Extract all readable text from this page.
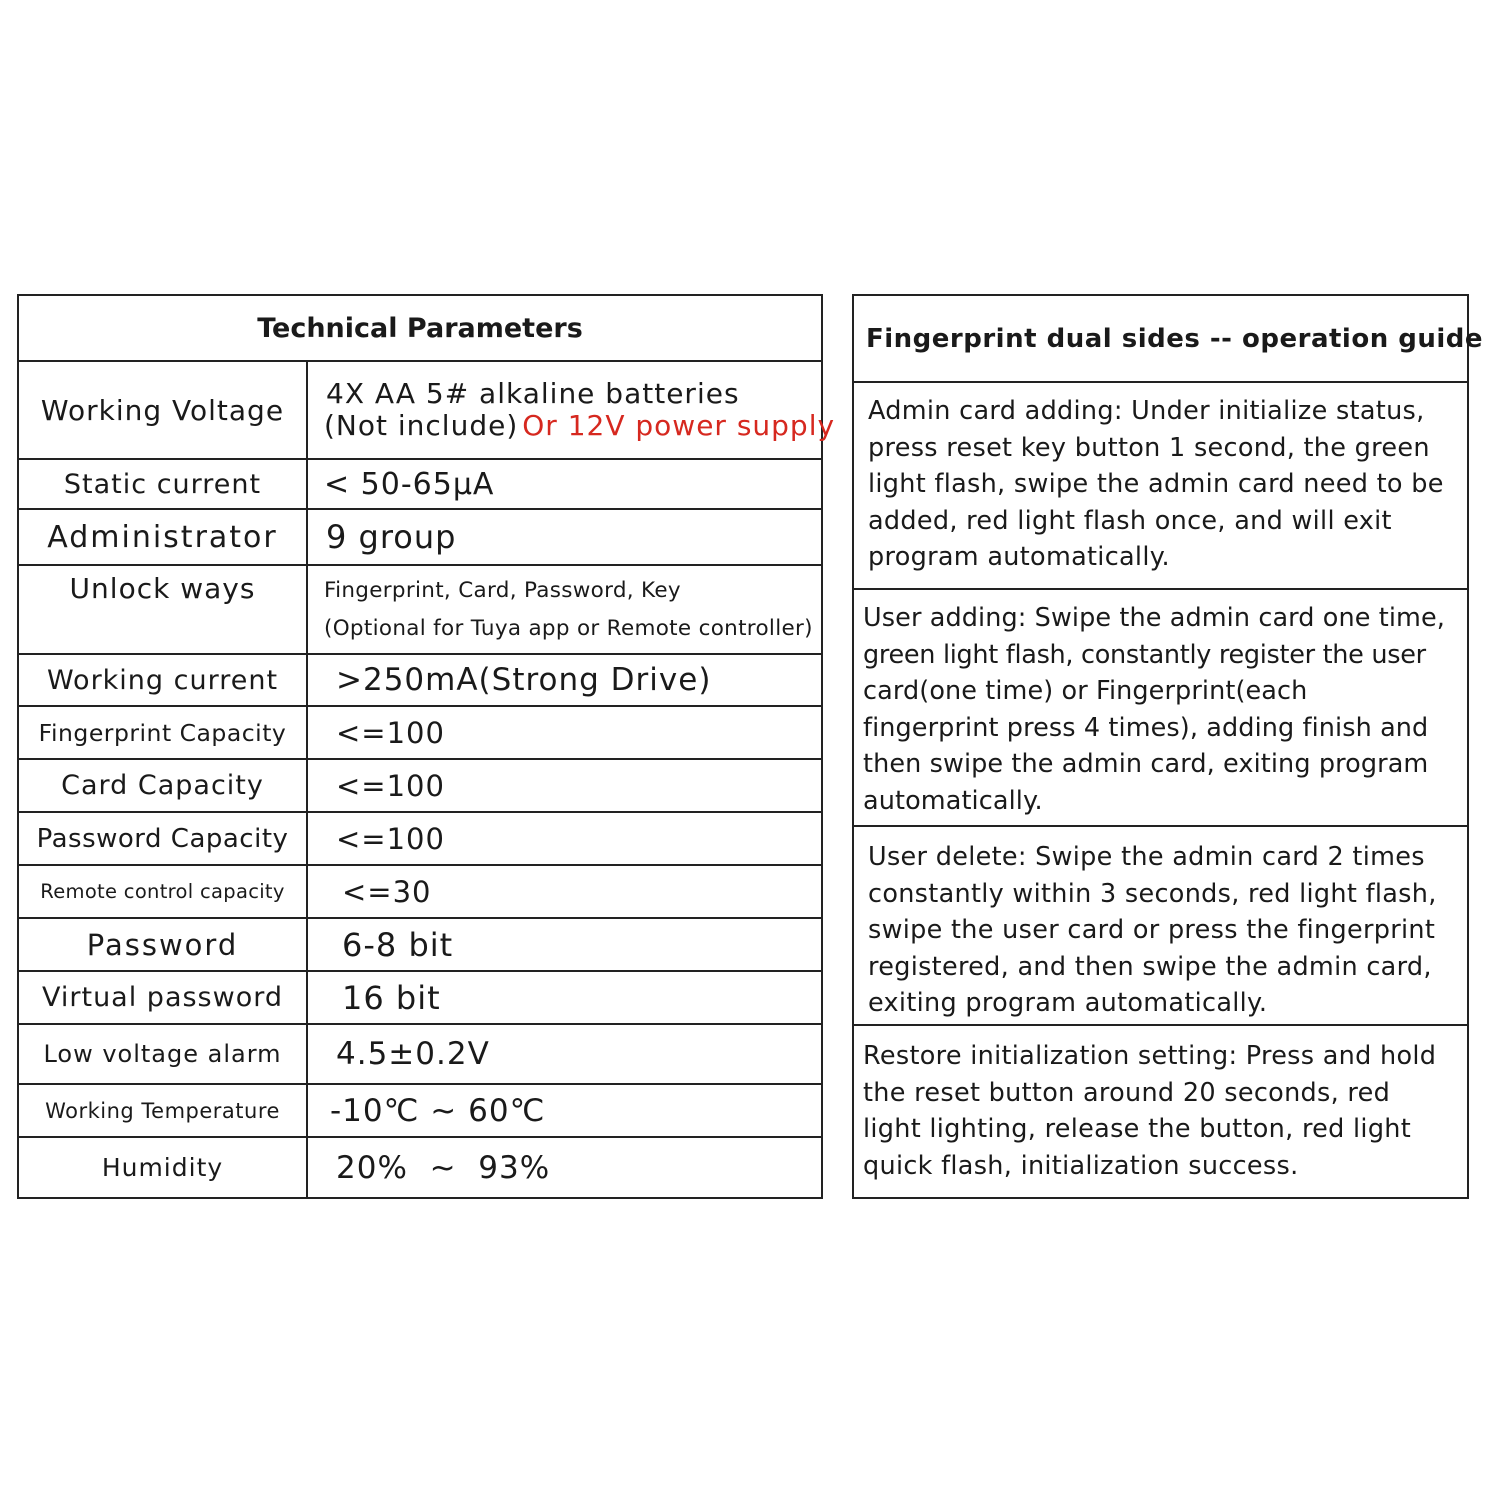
Technical Parameters
Working Voltage	4X AA 5# alkaline batteries
(Not include) Or 12V power supply
Static current	< 50-65μA
Administrator	9 group
Unlock ways	Fingerprint, Card, Password, Key
(Optional for Tuya app or Remote controller)
Working current	>250mA(Strong Drive)
Fingerprint Capacity	<=100
Card Capacity	<=100
Password Capacity	<=100
Remote control capacity	<=30
Password	6-8 bit
Virtual password	16 bit
Low voltage alarm	4.5±0.2V
Working Temperature	-10℃ ~ 60℃
Humidity	20%  ~  93%
Fingerprint dual sides -- operation guide
Admin card adding: Under initialize status,
press reset key button 1 second, the green
light flash, swipe the admin card need to be
added, red light flash once, and will exit
program automatically.
User adding: Swipe the admin card one time,
green light flash, constantly register the user
card(one time) or Fingerprint(each
fingerprint press 4 times), adding finish and
then swipe the admin card, exiting program
automatically.
User delete: Swipe the admin card 2 times
constantly within 3 seconds, red light flash,
swipe the user card or press the fingerprint
registered, and then swipe the admin card,
exiting program automatically.
Restore initialization setting: Press and hold
the reset button around 20 seconds, red
light lighting, release the button, red light
quick flash, initialization success.
